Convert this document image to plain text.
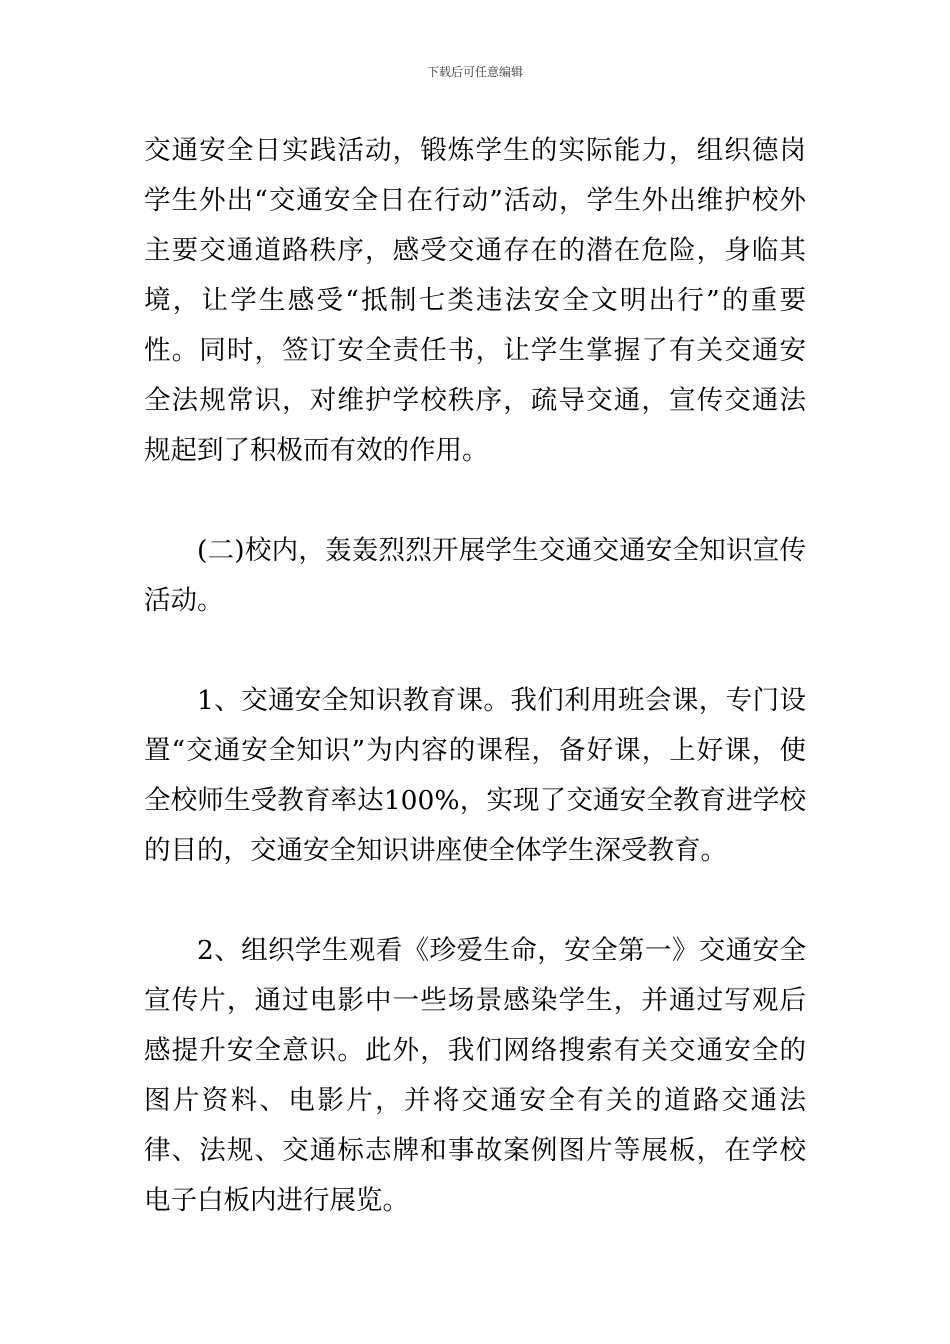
下载后可任意编辑

交通安全日实践活动，锻炼学生的实际能力，组织德岗学生外出“交通安全日在行动”活动，学生外出维护校外主要交通道路秩序，感受交通存在的潜在危险，身临其境，让学生感受“抵制七类违法安全文明出行”的重要性。同时，签订安全责任书，让学生掌握了有关交通安全法规常识，对维护学校秩序，疏导交通，宣传交通法规起到了积极而有效的作用。

(二)校内，轰轰烈烈开展学生交通交通安全知识宣传活动。

1、交通安全知识教育课。我们利用班会课，专门设置“交通安全知识”为内容的课程，备好课，上好课，使全校师生受教育率达100%，实现了交通安全教育进学校的目的，交通安全知识讲座使全体学生深受教育。

2、组织学生观看《珍爱生命，安全第一》交通安全宣传片，通过电影中一些场景感染学生，并通过写观后感提升安全意识。此外，我们网络搜索有关交通安全的图片资料、电影片，并将交通安全有关的道路交通法律、法规、交通标志牌和事故案例图片等展板，在学校电子白板内进行展览。
